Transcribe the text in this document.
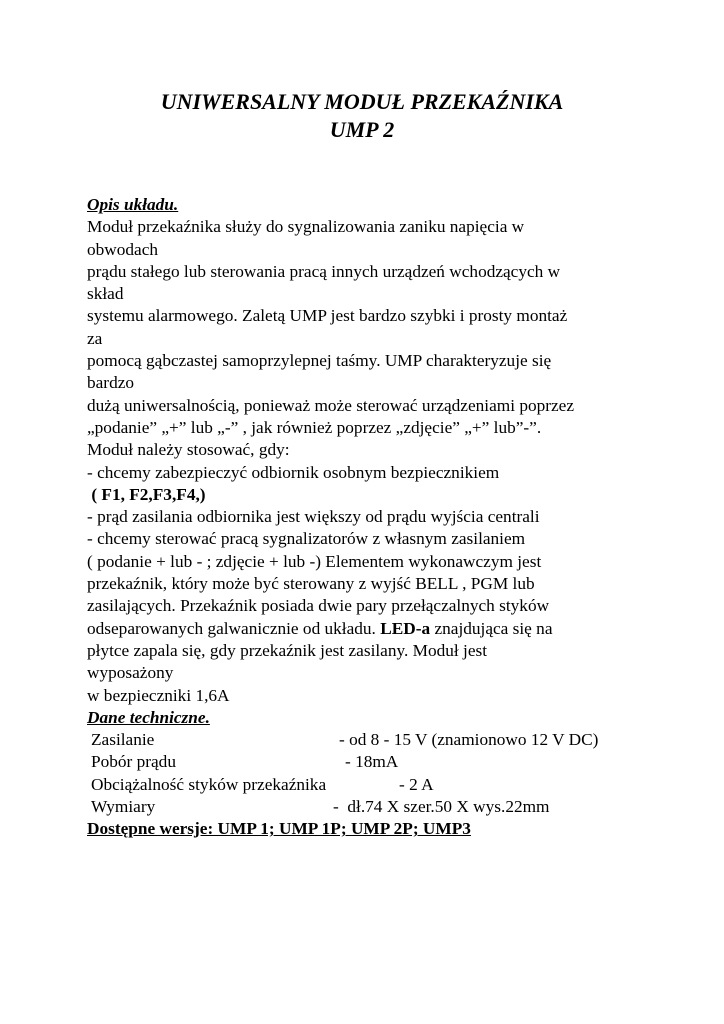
UNIWERSALNY MODUŁ PRZEKAŹNIKA
UMP 2
Opis układu.
Moduł przekaźnika służy do sygnalizowania zaniku napięcia w
obwodach
prądu stałego lub sterowania pracą innych urządzeń wchodzących w
skład
systemu alarmowego. Zaletą UMP jest bardzo szybki i prosty montaż
za
pomocą gąbczastej samoprzylepnej taśmy. UMP charakteryzuje się
bardzo
dużą uniwersalnością, ponieważ może sterować urządzeniami poprzez
„podanie” „+” lub „-” , jak również poprzez „zdjęcie” „+” lub”-”.
Moduł należy stosować, gdy:
- chcemy zabezpieczyć odbiornik osobnym bezpiecznikiem
( F1, F2,F3,F4,)
- prąd zasilania odbiornika jest większy od prądu wyjścia centrali
- chcemy sterować pracą sygnalizatorów z własnym zasilaniem
( podanie + lub - ; zdjęcie + lub -) Elementem wykonawczym jest
przekaźnik, który może być sterowany z wyjść BELL , PGM lub
zasilających. Przekaźnik posiada dwie pary przełączalnych styków
odseparowanych galwanicznie od układu. LED-a znajdująca się na
płytce zapala się, gdy przekaźnik jest zasilany. Moduł jest
wyposażony
w bezpieczniki 1,6A
Dane techniczne.
Zasilanie	- od 8 - 15 V (znamionowo 12 V DC)
Pobór prądu	- 18mA
Obciążalność styków przekaźnika	- 2 A
Wymiary	-  dł.74 X szer.50 X wys.22mm
Dostępne wersje: UMP 1; UMP 1P; UMP 2P; UMP3
